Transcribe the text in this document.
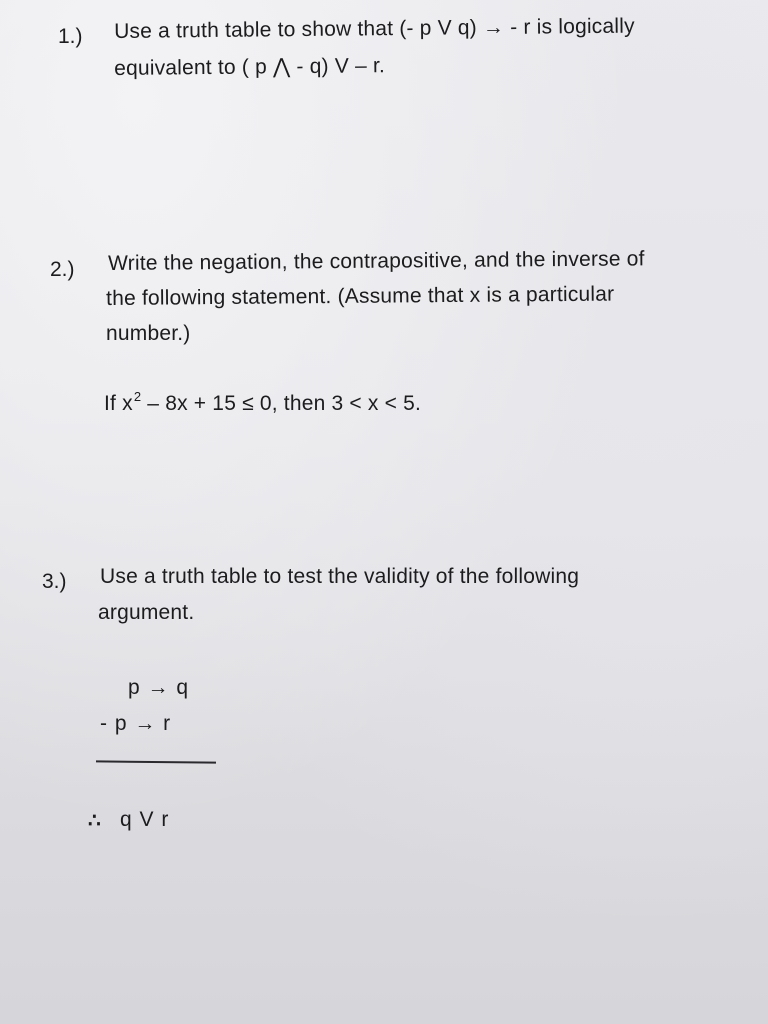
1.) Use a truth table to show that (- p V q) → - r is logically
equivalent to ( p ⋀ - q) V – r.
2.) Write the negation, the contrapositive, and the inverse of
the following statement. (Assume that x is a particular
number.)
If $x^2 - 8x + 15 \le 0$, then 3 < x < 5.
3.) Use a truth table to test the validity of the following
argument.
p → q
- p → r
∴ q V r
